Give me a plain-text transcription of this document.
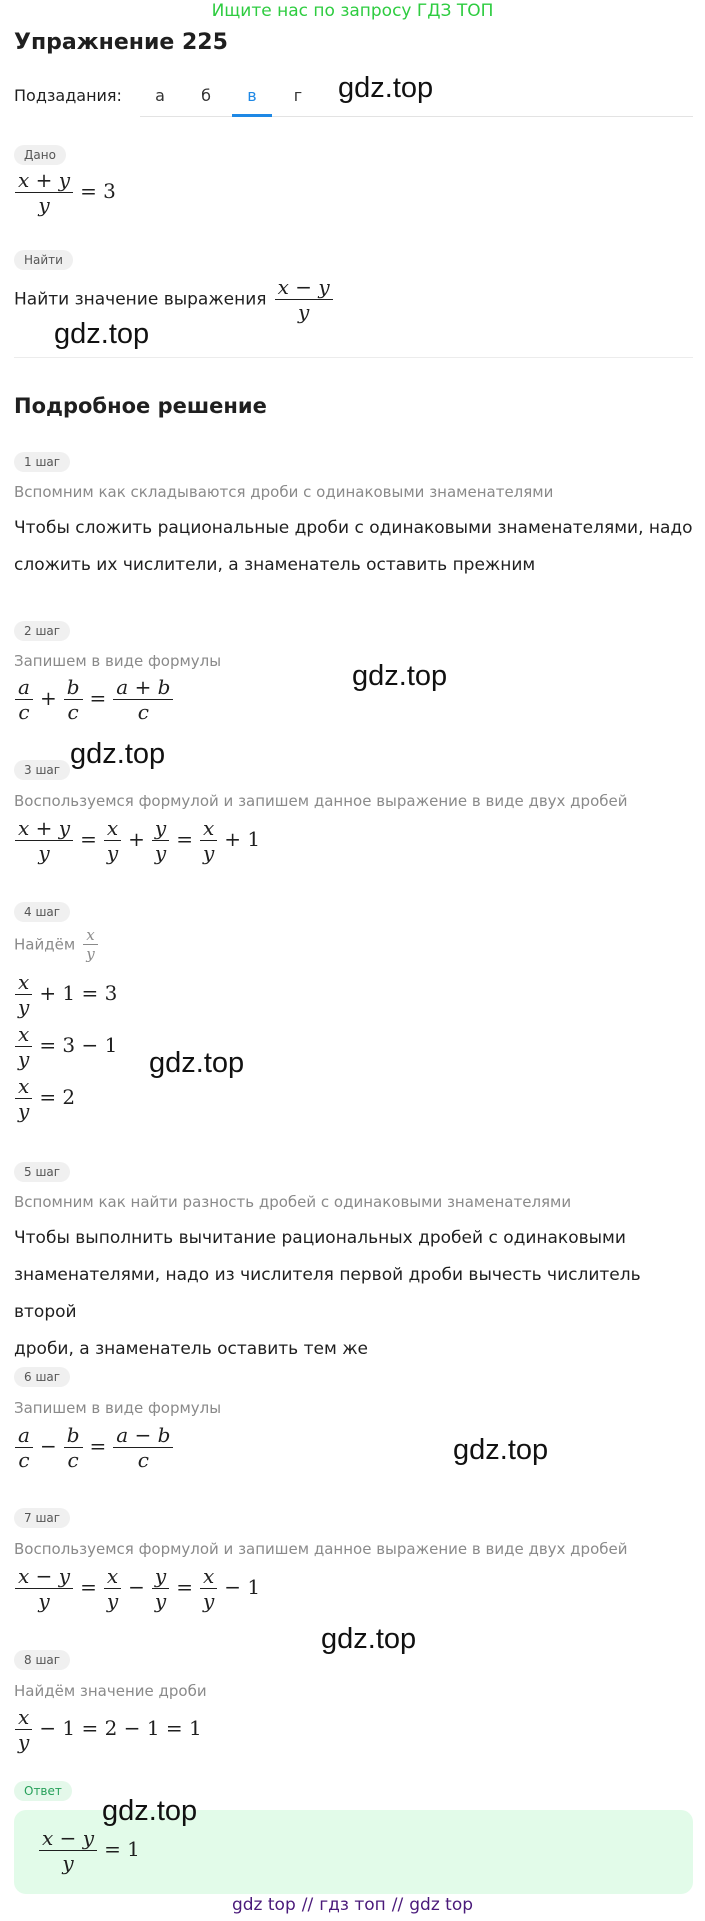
Ищите нас по запросу ГДЗ ТОП
Упражнение 225
Подзадания:	а	б	в	г	gdz.top
gdz.top
gdz.top
gdz.top
gdz.top
gdz.top
gdz.top
gdz.top
Дано
$\frac{x + y}{y} = 3$
Найти
Найти значение выражения $\frac{x - y}{y}$
Подробное решение
1 шаг
Вспомним как складываются дроби с одинаковыми знаменателями
Чтобы сложить рациональные дроби с одинаковыми знаменателями, надо
сложить их числители, а знаменатель оставить прежним
2 шаг
Запишем в виде формулы
$\frac{a}{c} + \frac{b}{c} = \frac{a + b}{c}$
3 шаг
Воспользуемся формулой и запишем данное выражение в виде двух дробей
$\frac{x + y}{y} = \frac{x}{y} + \frac{y}{y} = \frac{x}{y} + 1$
4 шаг
Найдём $\frac{x}{y}$
$\frac{x}{y} + 1 = 3$
$\frac{x}{y} = 3 - 1$
$\frac{x}{y} = 2$
5 шаг
Вспомним как найти разность дробей с одинаковыми знаменателями
Чтобы выполнить вычитание рациональных дробей с одинаковыми
знаменателями, надо из числителя первой дроби вычесть числитель второй
дроби, а знаменатель оставить тем же
6 шаг
Запишем в виде формулы
$\frac{a}{c} - \frac{b}{c} = \frac{a - b}{c}$
7 шаг
Воспользуемся формулой и запишем данное выражение в виде двух дробей
$\frac{x - y}{y} = \frac{x}{y} - \frac{y}{y} = \frac{x}{y} - 1$
8 шаг
Найдём значение дроби
$\frac{x}{y} - 1 = 2 - 1 = 1$
Ответ
$\frac{x - y}{y} = 1$
gdz top // гдз топ // gdz top
